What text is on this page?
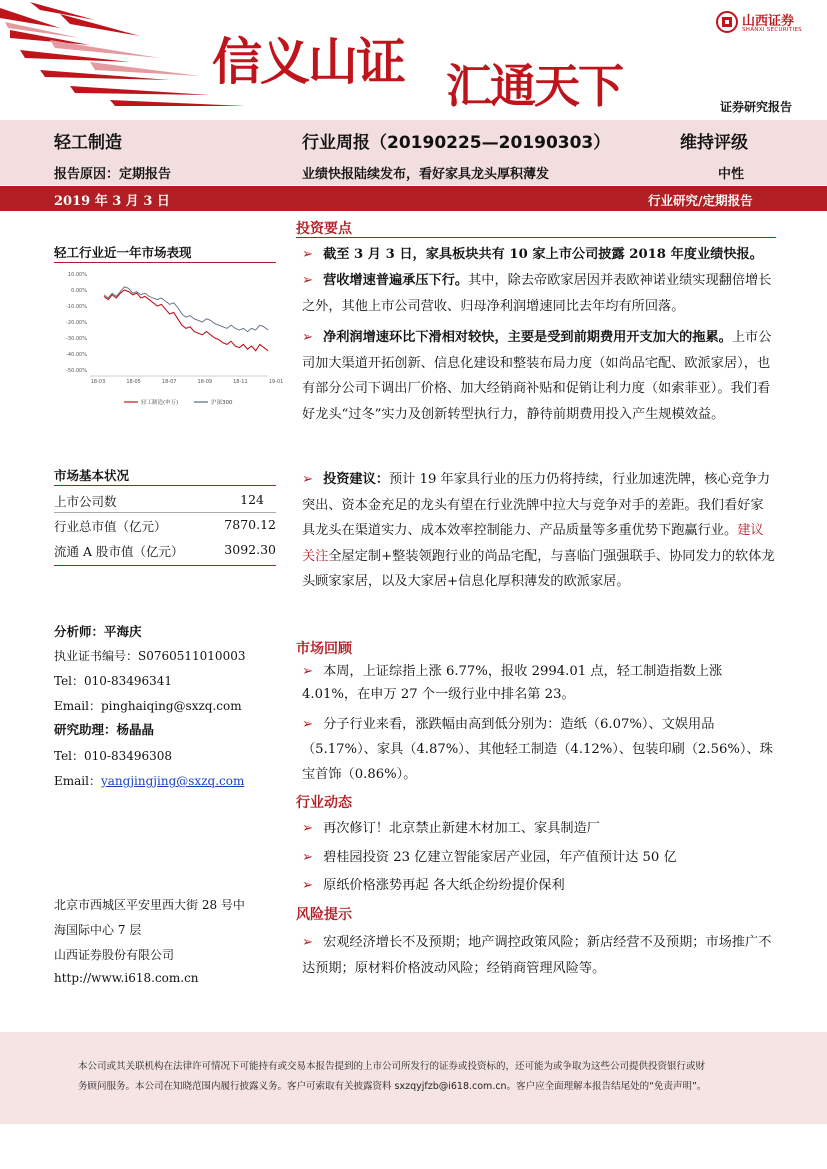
信义山证 汇通天下
山西证券
SHANXI SECURITIES
证券研究报告
轻工制造	行业周报（20190225—20190303）	维持评级
报告原因：定期报告	业绩快报陆续发布，看好家具龙头厚积薄发	中性
2019 年 3 月 3 日	行业研究/定期报告
轻工行业近一年市场表现
10.00%
0.00%
-10.00%
-20.00%
-30.00%
-40.00%
-50.00%
18-03	18-05	18-07	18-09	18-11	19-01
轻工制造(申万)	沪深300
市场基本状况
上市公司数	124
行业总市值（亿元）	7870.12
流通 A 股市值（亿元）	3092.30
分析师：平海庆
执业证书编号：S0760511010003
Tel：010-83496341
Email：pinghaiqing@sxzq.com
研究助理：杨晶晶
Tel：010-83496308
Email：yangjingjing@sxzq.com
北京市西城区平安里西大街 28 号中
海国际中心 7 层
山西证券股份有限公司
http://www.i618.com.cn
投资要点
➢ 截至 3 月 3 日，家具板块共有 10 家上市公司披露 2018 年度业绩快报。
➢ 营收增速普遍承压下行。其中，除去帝欧家居因并表欧神诺业绩实现翻倍增长之外，其他上市公司营收、归母净利润增速同比去年均有所回落。
➢ 净利润增速环比下滑相对较快，主要是受到前期费用开支加大的拖累。上市公司加大渠道开拓创新、信息化建设和整装布局力度（如尚品宅配、欧派家居），也有部分公司下调出厂价格、加大经销商补贴和促销让利力度（如索菲亚）。我们看好龙头“过冬”实力及创新转型执行力，静待前期费用投入产生规模效益。
➢ 投资建议：预计 19 年家具行业的压力仍将持续，行业加速洗牌，核心竞争力突出、资本金充足的龙头有望在行业洗牌中拉大与竞争对手的差距。我们看好家具龙头在渠道实力、成本效率控制能力、产品质量等多重优势下跑赢行业。建议关注全屋定制+整装领跑行业的尚品宅配，与喜临门强强联手、协同发力的软体龙头顾家家居，以及大家居+信息化厚积薄发的欧派家居。
市场回顾
➢ 本周，上证综指上涨 6.77%，报收 2994.01 点，轻工制造指数上涨 4.01%，在申万 27 个一级行业中排名第 23。
➢ 分子行业来看，涨跌幅由高到低分别为：造纸（6.07%）、文娱用品（5.17%）、家具（4.87%）、其他轻工制造（4.12%）、包装印刷（2.56%）、珠宝首饰（0.86%）。
行业动态
➢ 再次修订！北京禁止新建木材加工、家具制造厂
➢ 碧桂园投资 23 亿建立智能家居产业园，年产值预计达 50 亿
➢ 原纸价格涨势再起 各大纸企纷纷提价保利
风险提示
➢ 宏观经济增长不及预期；地产调控政策风险；新店经营不及预期；市场推广不达预期；原材料价格波动风险；经销商管理风险等。
本公司或其关联机构在法律许可情况下可能持有或交易本报告提到的上市公司所发行的证券或投资标的，还可能为或争取为这些公司提供投资银行或财
务顾问服务。本公司在知晓范围内履行披露义务。客户可索取有关披露资料 sxzqyjfzb@i618.com.cn。客户应全面理解本报告结尾处的“免责声明”。
